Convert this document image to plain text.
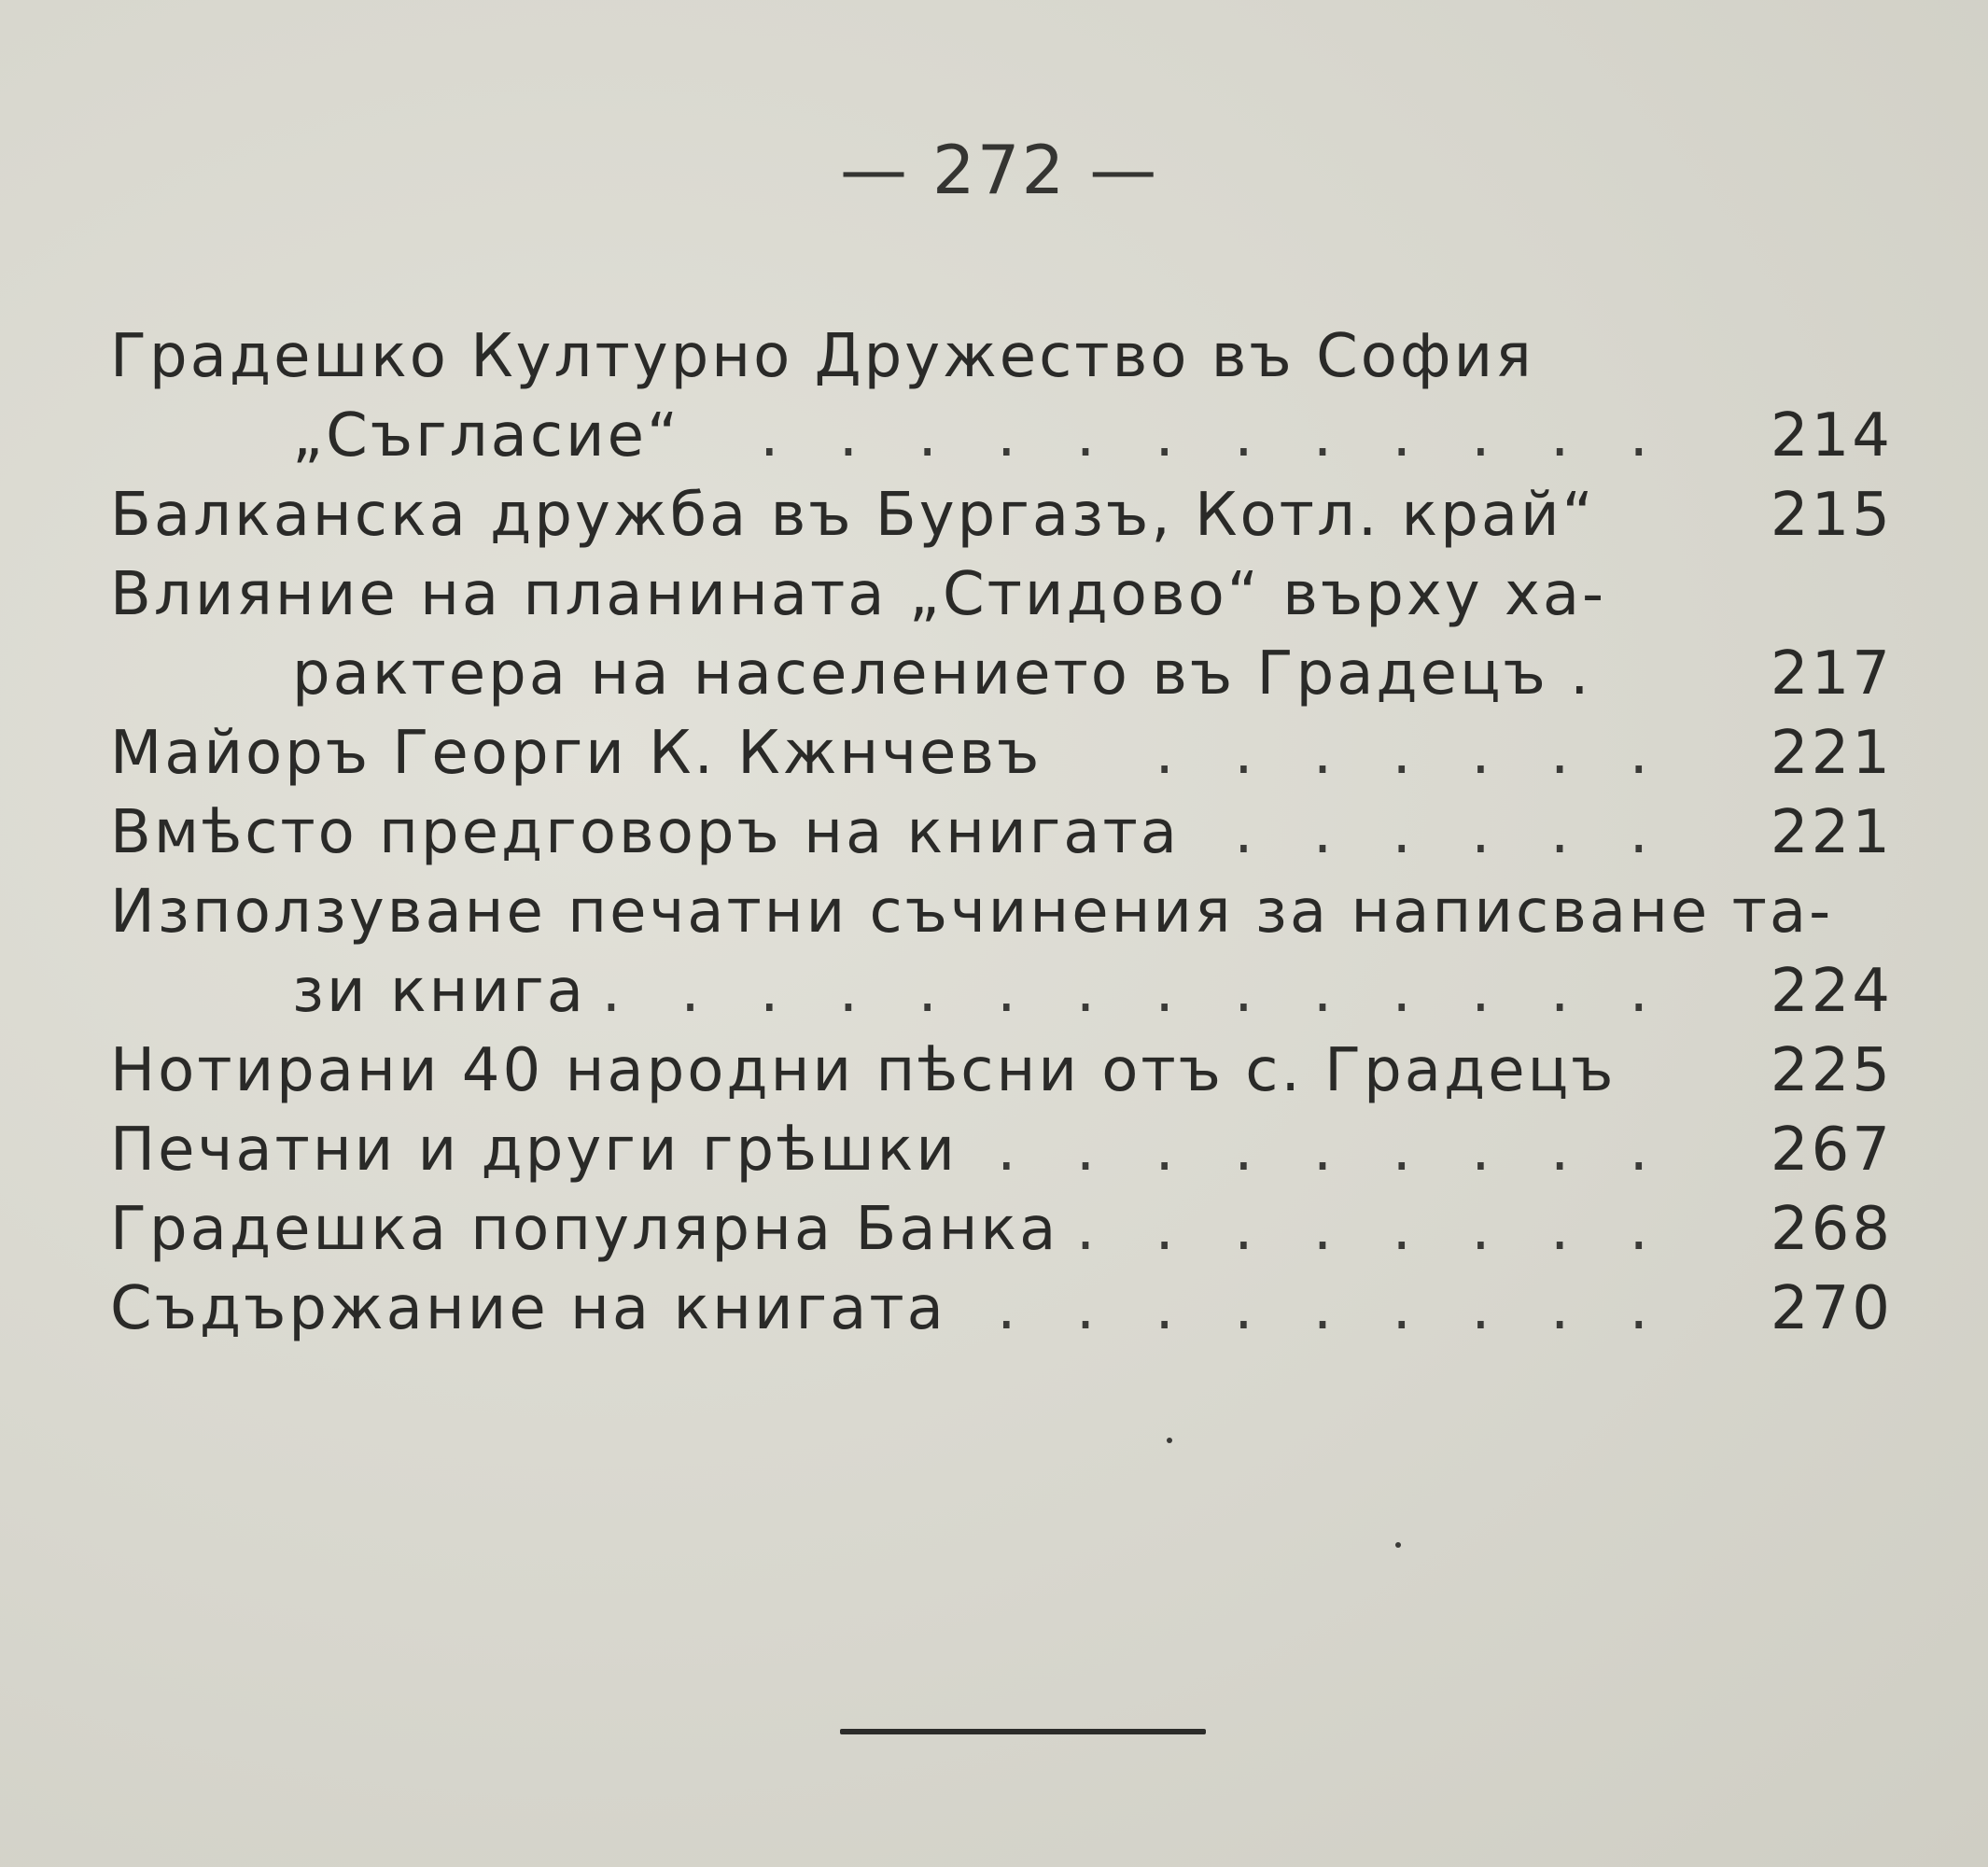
— 272 —
Градешко Културно Дружество въ София
„Съгласие“ . . . . . . . . . . . .	214
Балканска дружба въ Бургазъ, Котл. край“	215
Влияние на планината „Стидово“ върху ха-
рактера на населението въ Градецъ .	217
Майоръ Георги К. Кжнчевъ . . . . . . .	221
Вмѣсто предговоръ на книгата . . . . . .	221
Използуване печатни съчинения за написване та-
зи книга . . . . . . . . . . . . . .	224
Нотирани 40 народни пѣсни отъ с. Градецъ	225
Печатни и други грѣшки . . . . . . . . .	267
Градешка популярна Банка . . . . . . . .	268
Съдържание на книгата . . . . . . . . .	270
